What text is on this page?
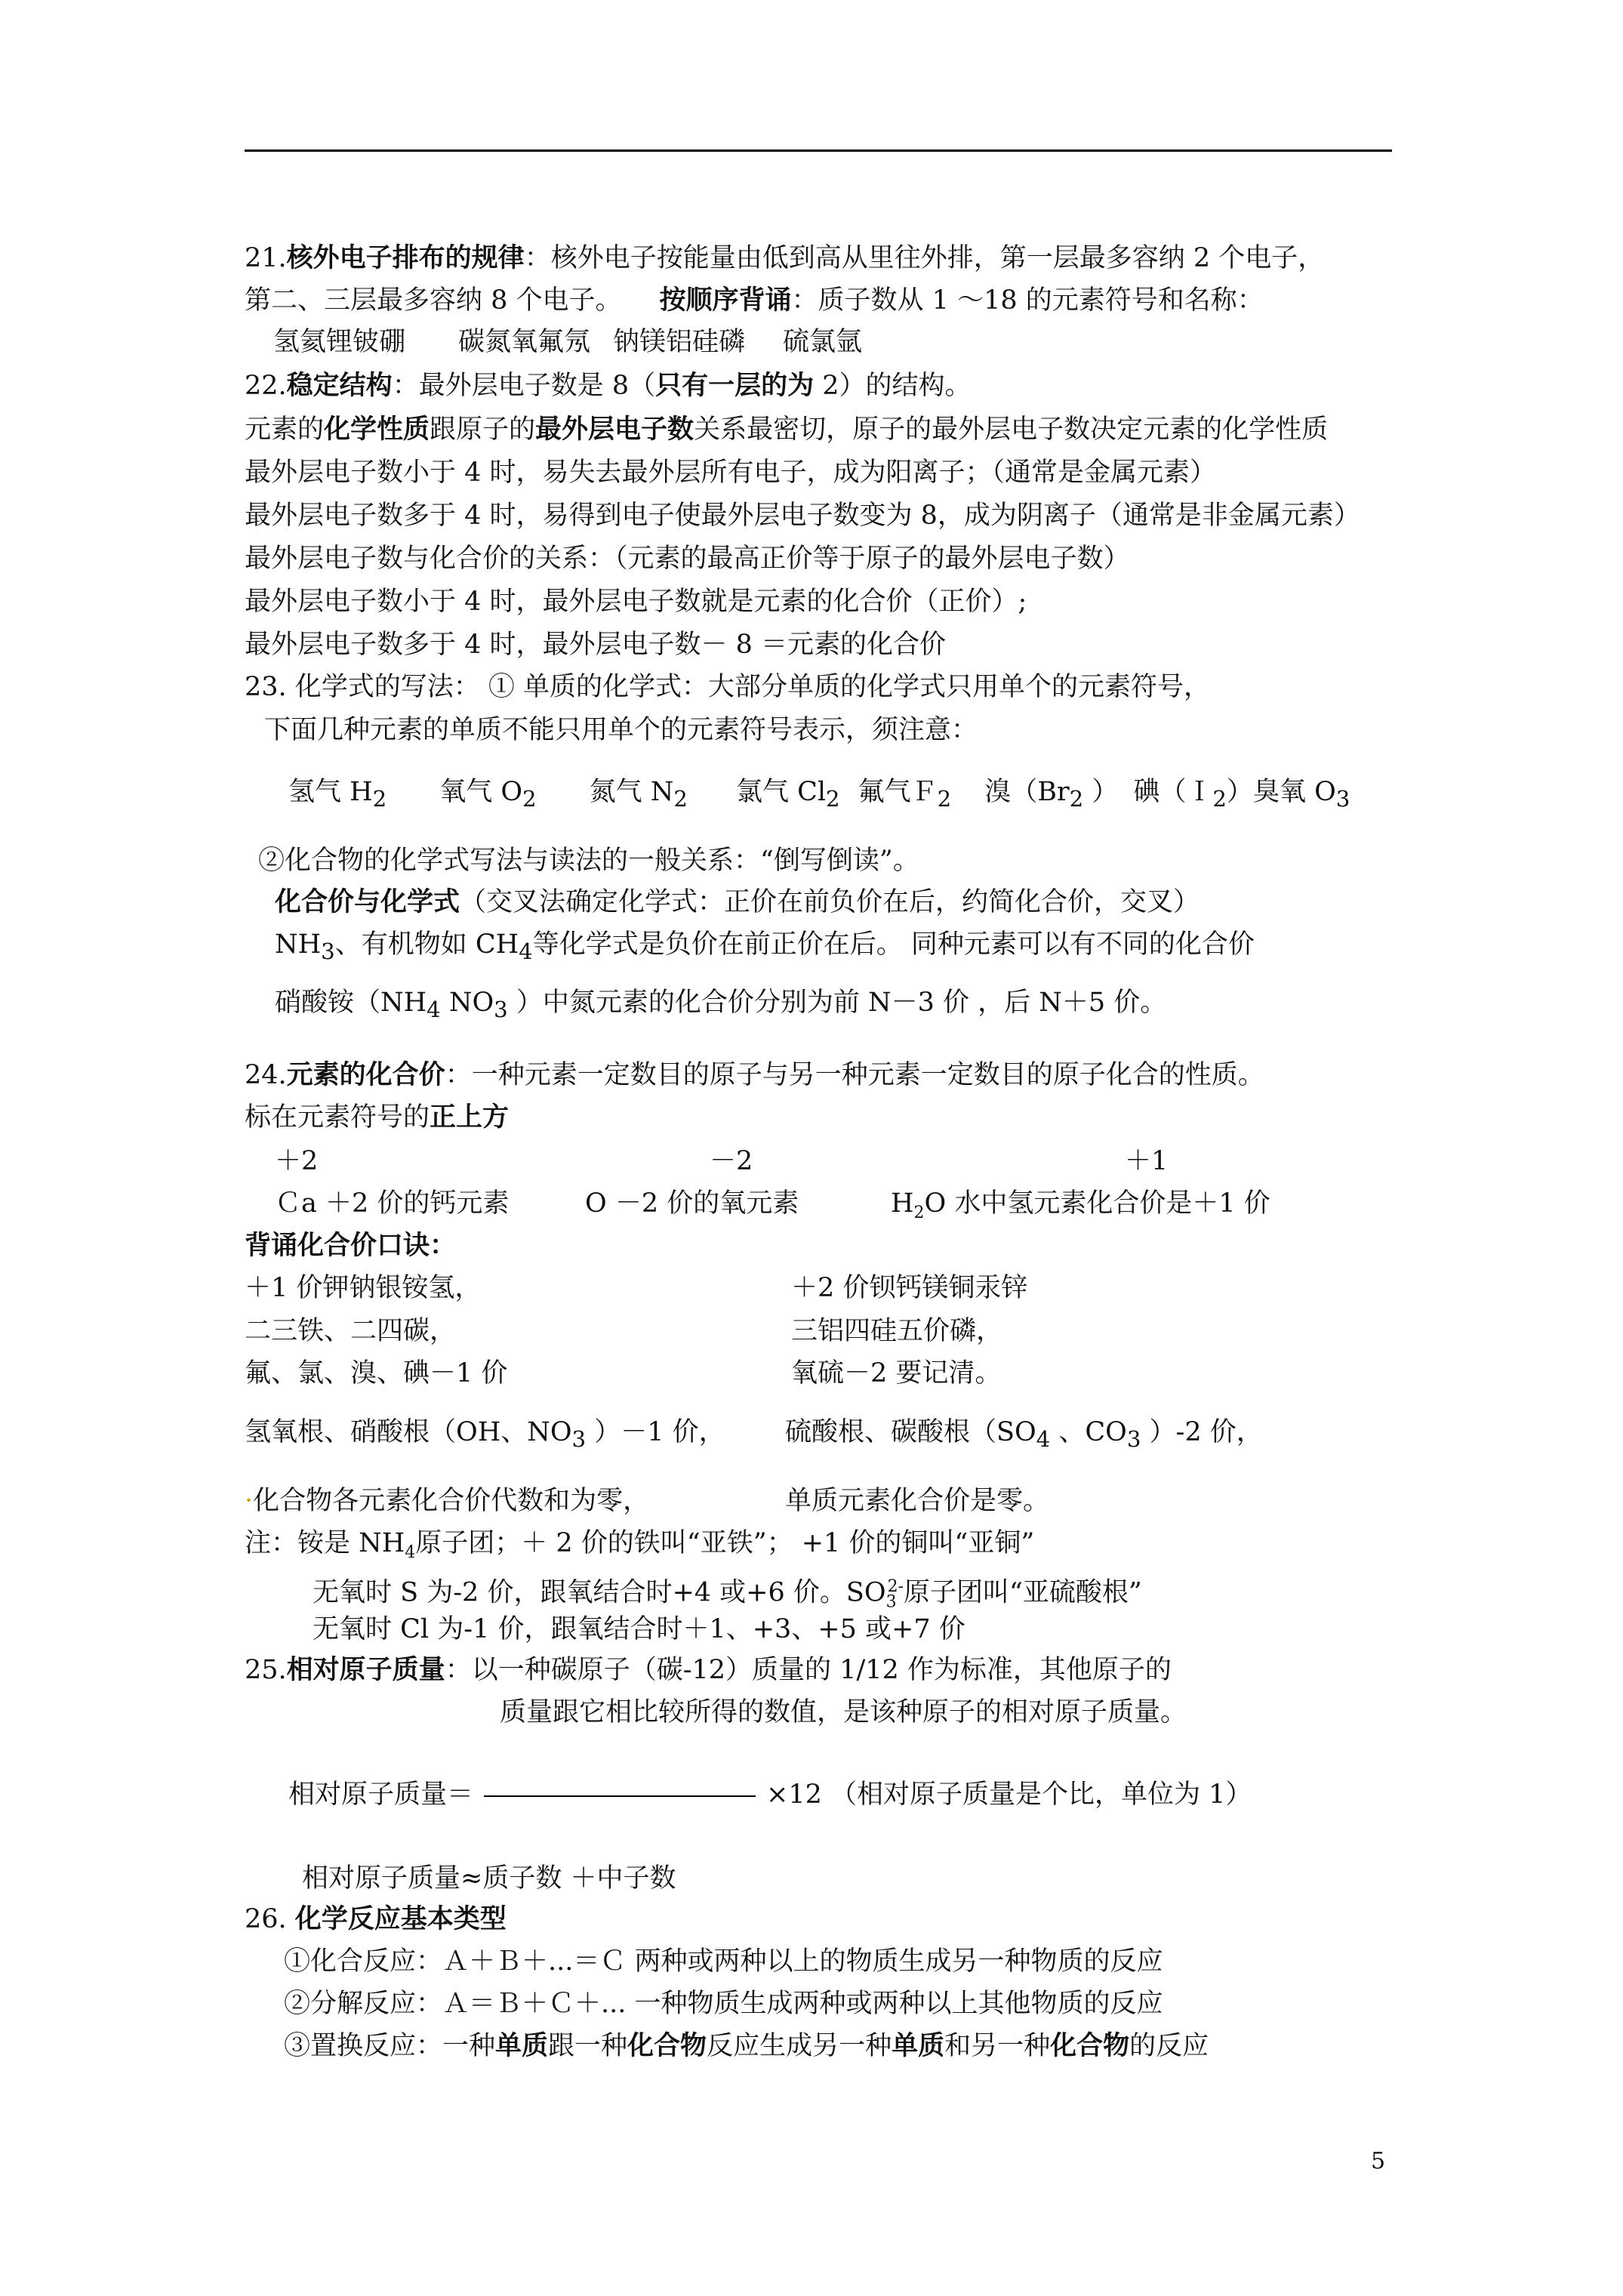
21.核外电子排布的规律：核外电子按能量由低到高从里往外排，第一层最多容纳 2 个电子，
第二、三层最多容纳 8 个电子。 按顺序背诵：质子数从 1 ～18 的元素符号和名称：
氢氦锂铍硼 碳氮氧氟氖 钠镁铝硅磷 硫氯氩
22.稳定结构：最外层电子数是 8（只有一层的为 2）的结构。
元素的化学性质跟原子的最外层电子数关系最密切，原子的最外层电子数决定元素的化学性质
最外层电子数小于 4 时，易失去最外层所有电子，成为阳离子；（通常是金属元素）
最外层电子数多于 4 时，易得到电子使最外层电子数变为 8，成为阴离子（通常是非金属元素）
最外层电子数与化合价的关系：（元素的最高正价等于原子的最外层电子数）
最外层电子数小于 4 时，最外层电子数就是元素的化合价（正价）;
最外层电子数多于 4 时，最外层电子数－ 8 ＝元素的化合价
23. 化学式的写法： ① 单质的化学式：大部分单质的化学式只用单个的元素符号，
下面几种元素的单质不能只用单个的元素符号表示，须注意：
氢气 $H_2$ 氧气 $O_2$ 氮气 $N_2$ 氯气 $Cl_2$ 氟气Ｆ$_2$ 溴（$Br_2$ ） 碘（Ｉ$_2$）臭氧 $O_3$
②化合物的化学式写法与读法的一般关系：“倒写倒读”。
化合价与化学式（交叉法确定化学式：正价在前负价在后，约简化合价，交叉）
$NH_3$、有机物如 $CH_4$等化学式是负价在前正价在后。 同种元素可以有不同的化合价
硝酸铵（$NH_4$ $NO_3$ ）中氮元素的化合价分别为前 N－3 价 ，后 N＋5 价。
24.元素的化合价：一种元素一定数目的原子与另一种元素一定数目的原子化合的性质。
标在元素符号的正上方
＋2	－2	＋1
Ｃa ＋2 价的钙元素	O －2 价的氧元素	$H_2O$ 水中氢元素化合价是＋1 价
背诵化合价口诀：
＋1 价钾钠银铵氢，	＋2 价钡钙镁铜汞锌
二三铁、二四碳，	三铝四硅五价磷，
氟、氯、溴、碘－1 价	氧硫－2 要记清。
氢氧根、硝酸根（OH、$NO_3$ ）－1 价， 硫酸根、碳酸根（$SO_4$ 、$CO_3$ ）-2 价，
·化合物各元素化合价代数和为零，	单质元素化合价是零。
注：铵是 $NH_4$原子团；＋ 2 价的铁叫“亚铁”； +1 价的铜叫“亚铜”
无氧时 S 为-2 价，跟氧结合时+4 或+6 价。$SO_3^{2-}$原子团叫“亚硫酸根”
无氧时 Cl 为-1 价，跟氧结合时＋1、+3、+5 或+7 价
25.相对原子质量：以一种碳原子（碳-12）质量的 1/12 作为标准，其他原子的
质量跟它相比较所得的数值，是该种原子的相对原子质量。
相对原子质量＝	×12 （相对原子质量是个比，单位为 1）
相对原子质量≈质子数 ＋中子数
26. 化学反应基本类型
①化合反应：Ａ＋Ｂ＋...＝Ｃ 两种或两种以上的物质生成另一种物质的反应
②分解反应：Ａ＝Ｂ＋Ｃ＋... 一种物质生成两种或两种以上其他物质的反应
③置换反应：一种单质跟一种化合物反应生成另一种单质和另一种化合物的反应
5
